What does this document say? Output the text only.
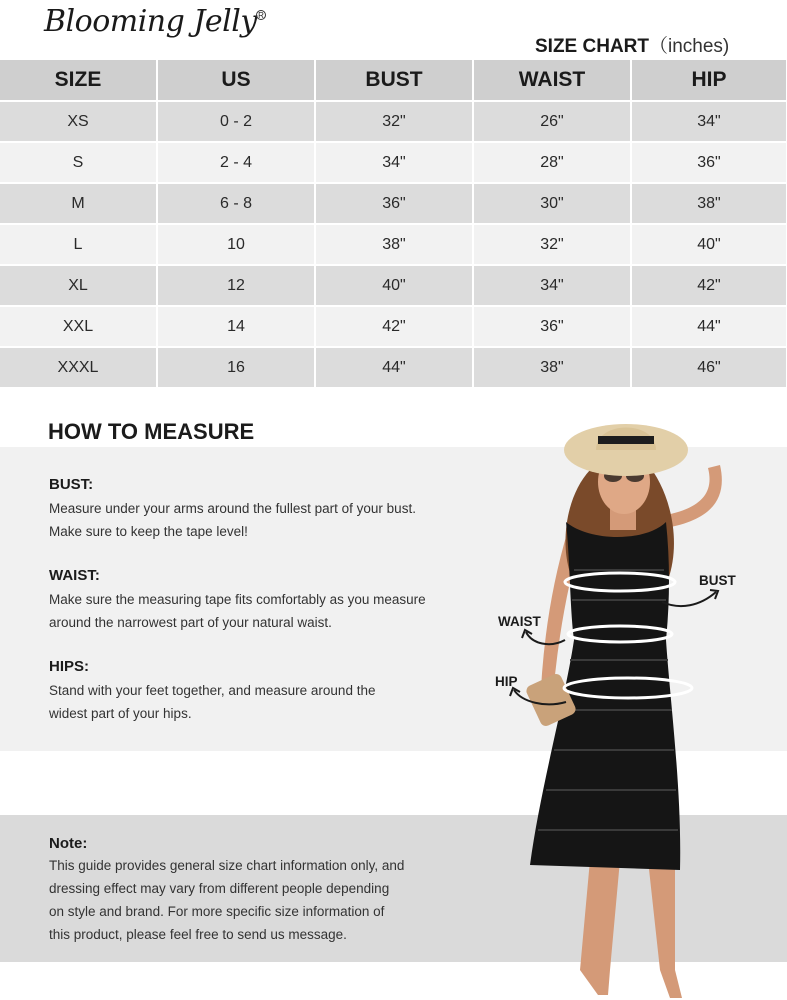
Blooming Jelly R
SIZE CHART（inches)
SIZE	US	BUST	WAIST	HIP
XS	0 - 2	32"	26"	34"
S	2 - 4	34"	28"	36"
M	6 - 8	36"	30"	38"
L	10	38"	32"	40"
XL	12	40"	34"	42"
XXL	14	42"	36"	44"
XXXL	16	44"	38"	46"
HOW TO MEASURE
BUST:
Measure under your arms around the fullest part of your bust.
Make sure to keep the tape level!
WAIST:
Make sure the measuring tape fits comfortably as you measure
around the narrowest part of your natural waist.
HIPS:
Stand with your feet together, and measure around the
widest part of your hips.
Note:
This guide provides general size chart information only, and
dressing effect may vary from different people depending
on style and brand. For more specific size information of
this product, please feel free to send us message.
BUST
WAIST
HIP
